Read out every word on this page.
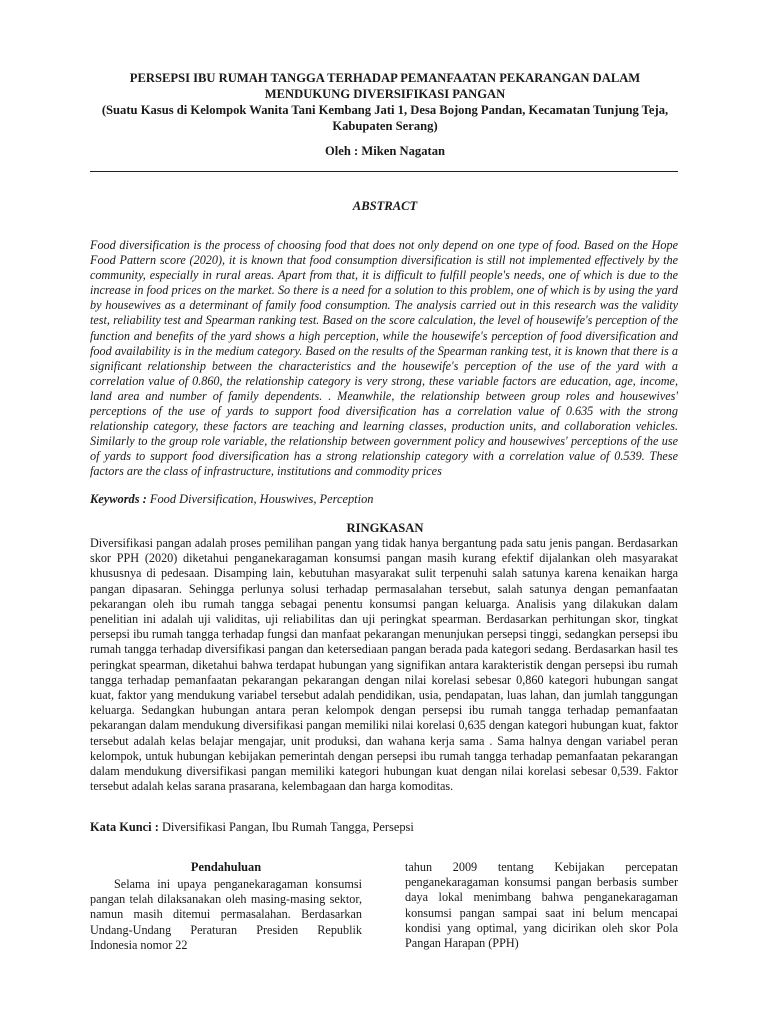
PERSEPSI IBU RUMAH TANGGA TERHADAP PEMANFAATAN PEKARANGAN DALAM

MENDUKUNG DIVERSIFIKASI PANGAN

(Suatu Kasus di Kelompok Wanita Tani Kembang Jati 1, Desa Bojong Pandan, Kecamatan Tunjung Teja, Kabupaten Serang)

Oleh : Miken Nagatan

ABSTRACT

Food diversification is the process of choosing food that does not only depend on one type of food. Based on the Hope Food Pattern score (2020), it is known that food consumption diversification is still not implemented effectively by the community, especially in rural areas. Apart from that, it is difficult to fulfill people's needs, one of which is due to the increase in food prices on the market. So there is a need for a solution to this problem, one of which is by using the yard by housewives as a determinant of family food consumption. The analysis carried out in this research was the validity test, reliability test and Spearman ranking test. Based on the score calculation, the level of housewife's perception of the function and benefits of the yard shows a high perception, while the housewife's perception of food diversification and food availability is in the medium category. Based on the results of the Spearman ranking test, it is known that there is a significant relationship between the characteristics and the housewife's perception of the use of the yard with a correlation value of 0.860, the relationship category is very strong, these variable factors are education, age, income, land area and number of family dependents. . Meanwhile, the relationship between group roles and housewives' perceptions of the use of yards to support food diversification has a correlation value of 0.635 with the strong relationship category, these factors are teaching and learning classes, production units, and collaboration vehicles. Similarly to the group role variable, the relationship between government policy and housewives' perceptions of the use of yards to support food diversification has a strong relationship category with a correlation value of 0.539. These factors are the class of infrastructure, institutions and commodity prices

Keywords : Food Diversification, Houswives, Perception

RINGKASAN

Diversifikasi pangan adalah proses pemilihan pangan yang tidak hanya bergantung pada satu jenis pangan. Berdasarkan skor PPH (2020) diketahui penganekaragaman konsumsi pangan masih kurang efektif dijalankan oleh masyarakat khususnya di pedesaan. Disamping lain, kebutuhan masyarakat sulit terpenuhi salah satunya karena kenaikan harga pangan dipasaran. Sehingga perlunya solusi terhadap permasalahan tersebut, salah satunya dengan pemanfaatan pekarangan oleh ibu rumah tangga sebagai penentu konsumsi pangan keluarga. Analisis yang dilakukan dalam penelitian ini adalah uji validitas, uji reliabilitas dan uji peringkat spearman. Berdasarkan perhitungan skor, tingkat persepsi ibu rumah tangga terhadap fungsi dan manfaat pekarangan menunjukan persepsi tinggi, sedangkan persepsi ibu rumah tangga terhadap diversifikasi pangan dan ketersediaan pangan berada pada kategori sedang. Berdasarkan hasil tes peringkat spearman, diketahui bahwa terdapat hubungan yang signifikan antara karakteristik dengan persepsi ibu rumah tangga terhadap pemanfaatan pekarangan pekarangan dengan nilai korelasi sebesar 0,860 kategori hubungan sangat kuat, faktor yang mendukung variabel tersebut adalah pendidikan, usia, pendapatan, luas lahan, dan jumlah tanggungan keluarga. Sedangkan hubungan antara peran kelompok dengan persepsi ibu rumah tangga terhadap pemanfaatan pekarangan dalam mendukung diversifikasi pangan memiliki nilai korelasi 0,635 dengan kategori hubungan kuat, faktor tersebut adalah kelas belajar mengajar, unit produksi, dan wahana kerja sama . Sama halnya dengan variabel peran kelompok, untuk hubungan kebijakan pemerintah dengan persepsi ibu rumah tangga terhadap pemanfaatan pekarangan dalam mendukung diversifikasi pangan memiliki kategori hubungan kuat dengan nilai korelasi sebesar 0,539. Faktor tersebut adalah kelas sarana prasarana, kelembagaan dan harga komoditas.

Kata Kunci : Diversifikasi Pangan, Ibu Rumah Tangga, Persepsi

Pendahuluan

Selama ini upaya penganekaragaman konsumsi pangan telah dilaksanakan oleh masing-masing sektor, namun masih ditemui permasalahan. Berdasarkan Undang-Undang Peraturan Presiden Republik Indonesia nomor 22

tahun 2009 tentang Kebijakan percepatan penganekaragaman konsumsi pangan berbasis sumber daya lokal menimbang bahwa penganekaragaman konsumsi pangan sampai saat ini belum mencapai kondisi yang optimal, yang dicirikan oleh skor Pola Pangan Harapan (PPH)
